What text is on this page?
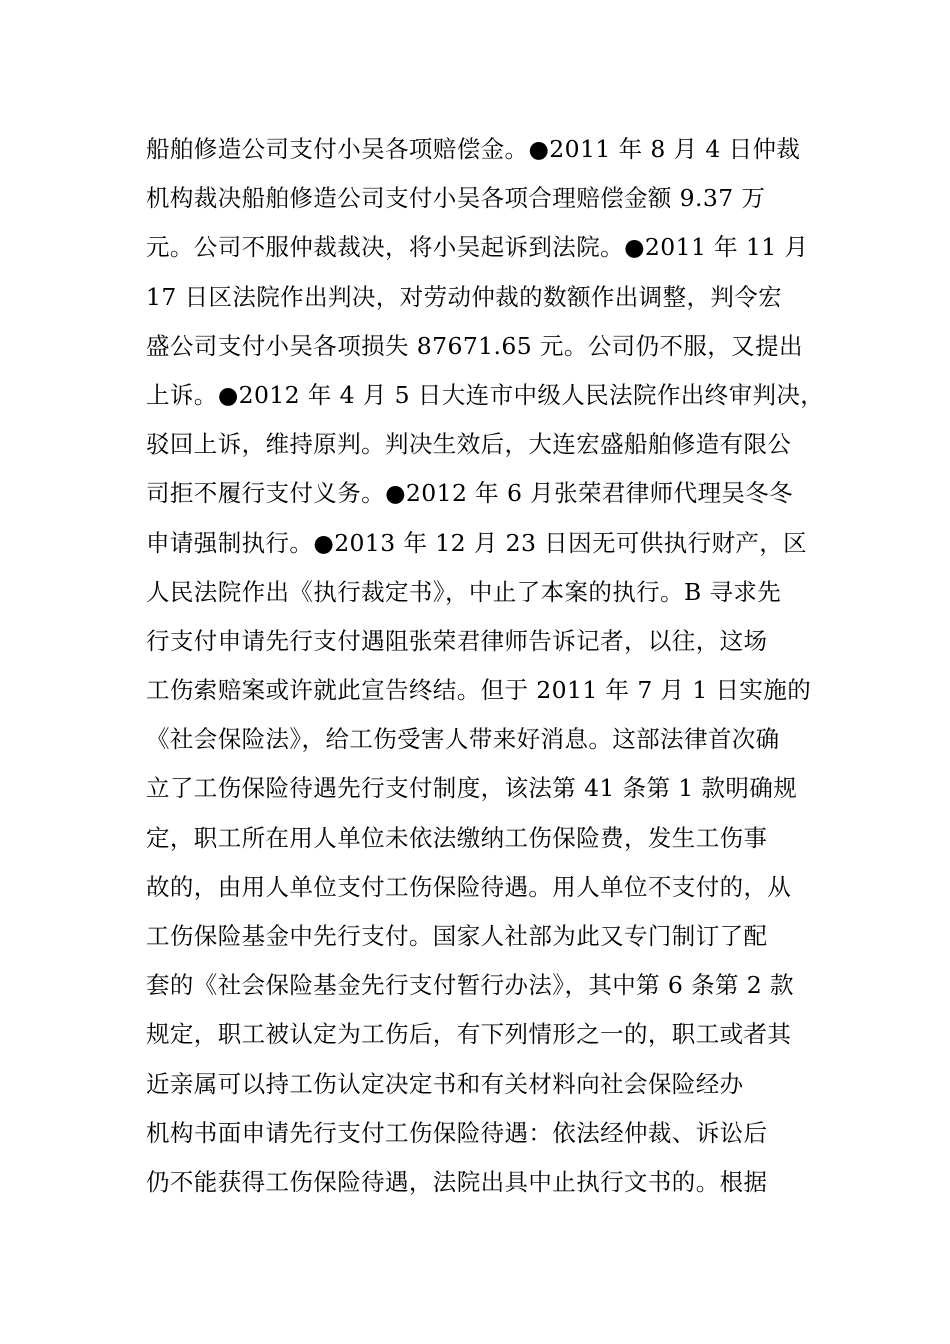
船舶修造公司支付小吴各项赔偿金。●2011 年 8 月 4 日仲裁
机构裁决船舶修造公司支付小吴各项合理赔偿金额 9.37 万
元。公司不服仲裁裁决，将小吴起诉到法院。●2011 年 11 月
17 日区法院作出判决，对劳动仲裁的数额作出调整，判令宏
盛公司支付小吴各项损失 87671.65 元。公司仍不服，又提出
上诉。●2012 年 4 月 5 日大连市中级人民法院作出终审判决，
驳回上诉，维持原判。判决生效后，大连宏盛船舶修造有限公
司拒不履行支付义务。●2012 年 6 月张荣君律师代理吴冬冬
申请强制执行。●2013 年 12 月 23 日因无可供执行财产，区
人民法院作出《执行裁定书》，中止了本案的执行。B 寻求先
行支付申请先行支付遇阻张荣君律师告诉记者，以往，这场
工伤索赔案或许就此宣告终结。但于 2011 年 7 月 1 日实施的
《社会保险法》，给工伤受害人带来好消息。这部法律首次确
立了工伤保险待遇先行支付制度，该法第 41 条第 1 款明确规
定，职工所在用人单位未依法缴纳工伤保险费，发生工伤事
故的，由用人单位支付工伤保险待遇。用人单位不支付的，从
工伤保险基金中先行支付。国家人社部为此又专门制订了配
套的《社会保险基金先行支付暂行办法》，其中第 6 条第 2 款
规定，职工被认定为工伤后，有下列情形之一的，职工或者其
近亲属可以持工伤认定决定书和有关材料向社会保险经办
机构书面申请先行支付工伤保险待遇：依法经仲裁、诉讼后
仍不能获得工伤保险待遇，法院出具中止执行文书的。根据
